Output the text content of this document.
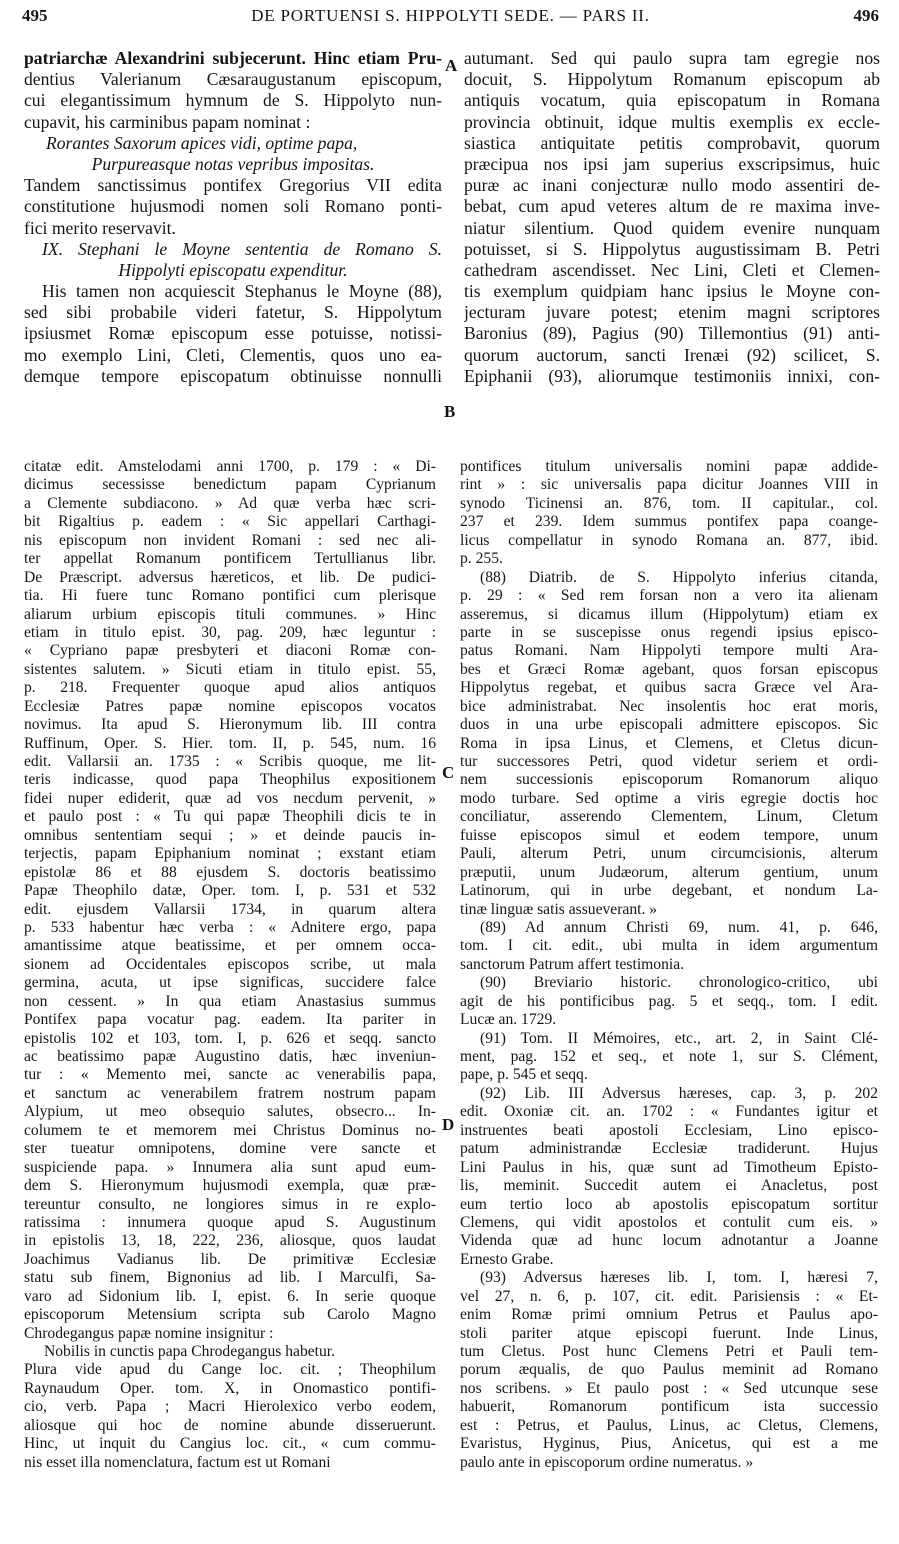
495	DE PORTUENSI S. HIPPOLYTI SEDE. — PARS II.	496
A
B
C
D
patriarchæ Alexandrini subjecerunt. Hinc etiam Pru-
dentius Valerianum Cæsaraugustanum episcopum,
cui elegantissimum hymnum de S. Hippolyto nun-
cupavit, his carminibus papam nominat :
Rorantes Saxorum apices vidi, optime papa,
Purpureasque notas vepribus impositas.
Tandem sanctissimus pontifex Gregorius VII edita
constitutione hujusmodi nomen soli Romano ponti-
fici merito reservavit.
IX. Stephani le Moyne sententia de Romano S.
Hippolyti episcopatu expenditur.
His tamen non acquiescit Stephanus le Moyne (88),
sed sibi probabile videri fatetur, S. Hippolytum
ipsiusmet Romæ episcopum esse potuisse, notissi-
mo exemplo Lini, Cleti, Clementis, quos uno ea-
demque tempore episcopatum obtinuisse nonnulli
autumant. Sed qui paulo supra tam egregie nos
docuit, S. Hippolytum Romanum episcopum ab
antiquis vocatum, quia episcopatum in Romana
provincia obtinuit, idque multis exemplis ex eccle-
siastica antiquitate petitis comprobavit, quorum
præcipua nos ipsi jam superius exscripsimus, huic
puræ ac inani conjecturæ nullo modo assentiri de-
bebat, cum apud veteres altum de re maxima inve-
niatur silentium. Quod quidem evenire nunquam
potuisset, si S. Hippolytus augustissimam B. Petri
cathedram ascendisset. Nec Lini, Cleti et Clemen-
tis exemplum quidpiam hanc ipsius le Moyne con-
jecturam juvare potest; etenim magni scriptores
Baronius (89), Pagius (90) Tillemontius (91) anti-
quorum auctorum, sancti Irenæi (92) scilicet, S.
Epiphanii (93), aliorumque testimoniis innixi, con-
citatæ edit. Amstelodami anni 1700, p. 179 : « Di-
dicimus secessisse benedictum papam Cyprianum
a Clemente subdiacono. » Ad quæ verba hæc scri-
bit Rigaltius p. eadem : « Sic appellari Carthagi-
nis episcopum non invident Romani : sed nec ali-
ter appellat Romanum pontificem Tertullianus libr.
De Præscript. adversus hæreticos, et lib. De pudici-
tia. Hi fuere tunc Romano pontifici cum plerisque
aliarum urbium episcopis tituli communes. » Hinc
etiam in titulo epist. 30, pag. 209, hæc leguntur :
« Cypriano papæ presbyteri et diaconi Romæ con-
sistentes salutem. » Sicuti etiam in titulo epist. 55,
p. 218. Frequenter quoque apud alios antiquos
Ecclesiæ Patres papæ nomine episcopos vocatos
novimus. Ita apud S. Hieronymum lib. III contra
Ruffinum, Oper. S. Hier. tom. II, p. 545, num. 16
edit. Vallarsii an. 1735 : « Scribis quoque, me lit-
teris indicasse, quod papa Theophilus expositionem
fidei nuper ediderit, quæ ad vos necdum pervenit, »
et paulo post : « Tu qui papæ Theophili dicis te in
omnibus sententiam sequi ; » et deinde paucis in-
terjectis, papam Epiphanium nominat ; exstant etiam
epistolæ 86 et 88 ejusdem S. doctoris beatissimo
Papæ Theophilo datæ, Oper. tom. I, p. 531 et 532
edit. ejusdem Vallarsii 1734, in quarum altera
p. 533 habentur hæc verba : « Adnitere ergo, papa
amantissime atque beatissime, et per omnem occa-
sionem ad Occidentales episcopos scribe, ut mala
germina, acuta, ut ipse significas, succidere falce
non cessent. » In qua etiam Anastasius summus
Pontifex papa vocatur pag. eadem. Ita pariter in
epistolis 102 et 103, tom. I, p. 626 et seqq. sancto
ac beatissimo papæ Augustino datis, hæc inveniun-
tur : « Memento mei, sancte ac venerabilis papa,
et sanctum ac venerabilem fratrem nostrum papam
Alypium, ut meo obsequio salutes, obsecro... In-
columem te et memorem mei Christus Dominus no-
ster tueatur omnipotens, domine vere sancte et
suspiciende papa. » Innumera alia sunt apud eum-
dem S. Hieronymum hujusmodi exempla, quæ præ-
tereuntur consulto, ne longiores simus in re explo-
ratissima : innumera quoque apud S. Augustinum
in epistolis 13, 18, 222, 236, aliosque, quos laudat
Joachimus Vadianus lib. De primitivæ Ecclesiæ
statu sub finem, Bignonius ad lib. I Marculfi, Sa-
varo ad Sidonium lib. I, epist. 6. In serie quoque
episcoporum Metensium scripta sub Carolo Magno
Chrodegangus papæ nomine insignitur :
Nobilis in cunctis papa Chrodegangus habetur.
Plura vide apud du Cange loc. cit. ; Theophilum
Raynaudum Oper. tom. X, in Onomastico pontifi-
cio, verb. Papa ; Macri Hierolexico verbo eodem,
aliosque qui hoc de nomine abunde disseruerunt.
Hinc, ut inquit du Cangius loc. cit., « cum commu-
nis esset illa nomenclatura, factum est ut Romani
pontifices titulum universalis nomini papæ addide-
rint » : sic universalis papa dicitur Joannes VIII in
synodo Ticinensi an. 876, tom. II capitular., col.
237 et 239. Idem summus pontifex papa coange-
licus compellatur in synodo Romana an. 877, ibid.
p. 255.
(88) Diatrib. de S. Hippolyto inferius citanda,
p. 29 : « Sed rem forsan non a vero ita alienam
asseremus, si dicamus illum (Hippolytum) etiam ex
parte in se suscepisse onus regendi ipsius episco-
patus Romani. Nam Hippolyti tempore multi Ara-
bes et Græci Romæ agebant, quos forsan episcopus
Hippolytus regebat, et quibus sacra Græce vel Ara-
bice administrabat. Nec insolentis hoc erat moris,
duos in una urbe episcopali admittere episcopos. Sic
Roma in ipsa Linus, et Clemens, et Cletus dicun-
tur successores Petri, quod videtur seriem et ordi-
nem successionis episcoporum Romanorum aliquo
modo turbare. Sed optime a viris egregie doctis hoc
conciliatur, asserendo Clementem, Linum, Cletum
fuisse episcopos simul et eodem tempore, unum
Pauli, alterum Petri, unum circumcisionis, alterum
præputii, unum Judæorum, alterum gentium, unum
Latinorum, qui in urbe degebant, et nondum La-
tinæ linguæ satis assueverant. »
(89) Ad annum Christi 69, num. 41, p. 646,
tom. I cit. edit., ubi multa in idem argumentum
sanctorum Patrum affert testimonia.
(90) Breviario historic. chronologico-critico, ubi
agit de his pontificibus pag. 5 et seqq., tom. I edit.
Lucæ an. 1729.
(91) Tom. II Mémoires, etc., art. 2, in Saint Clé-
ment, pag. 152 et seq., et note 1, sur S. Clément,
pape, p. 545 et seqq.
(92) Lib. III Adversus hæreses, cap. 3, p. 202
edit. Oxoniæ cit. an. 1702 : « Fundantes igitur et
instruentes beati apostoli Ecclesiam, Lino episco-
patum administrandæ Ecclesiæ tradiderunt. Hujus
Lini Paulus in his, quæ sunt ad Timotheum Episto-
lis, meminit. Succedit autem ei Anacletus, post
eum tertio loco ab apostolis episcopatum sortitur
Clemens, qui vidit apostolos et contulit cum eis. »
Videnda quæ ad hunc locum adnotantur a Joanne
Ernesto Grabe.
(93) Adversus hæreses lib. I, tom. I, hæresi 7,
vel 27, n. 6, p. 107, cit. edit. Parisiensis : « Et-
enim Romæ primi omnium Petrus et Paulus apo-
stoli pariter atque episcopi fuerunt. Inde Linus,
tum Cletus. Post hunc Clemens Petri et Pauli tem-
porum æqualis, de quo Paulus meminit ad Romano
nos scribens. » Et paulo post : « Sed utcunque sese
habuerit, Romanorum pontificum ista successio
est : Petrus, et Paulus, Linus, ac Cletus, Clemens,
Evaristus, Hyginus, Pius, Anicetus, qui est a me
paulo ante in episcoporum ordine numeratus. »
